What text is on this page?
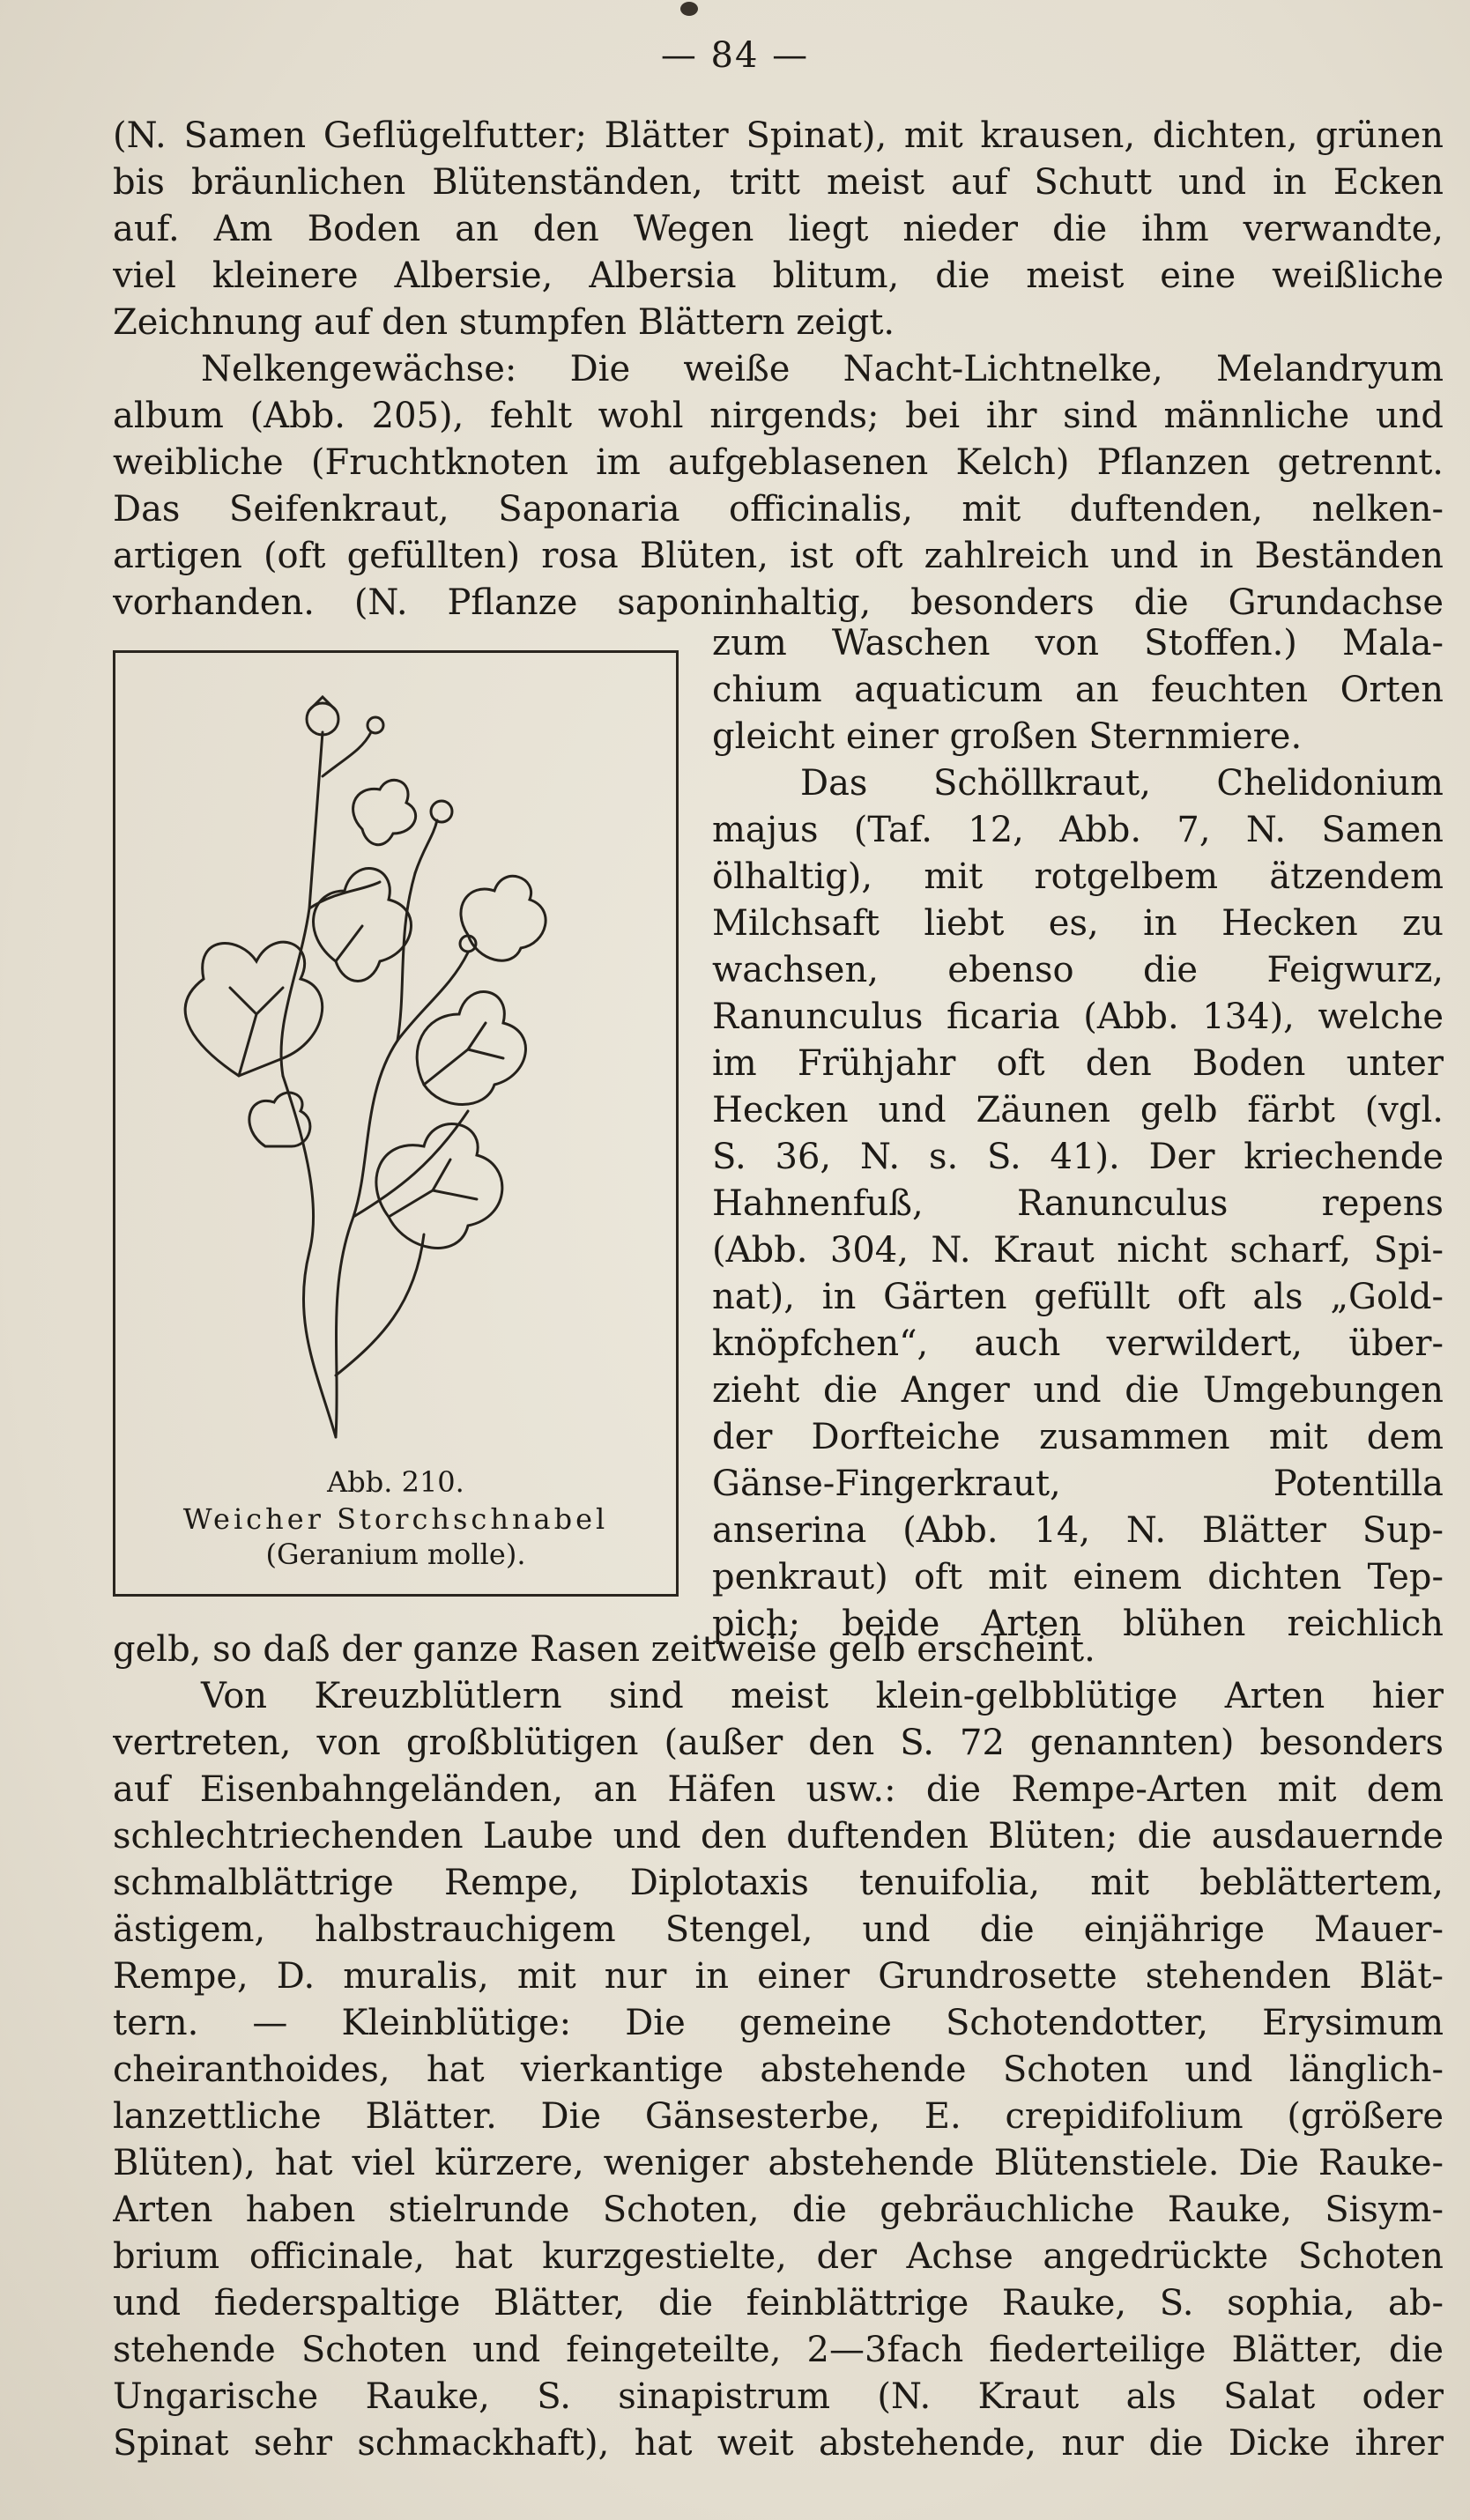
— 84 —
(N. Samen Geflügelfutter; Blätter Spinat), mit krausen, dichten, grünen
bis bräunlichen Blütenständen, tritt meist auf Schutt und in Ecken
auf. Am Boden an den Wegen liegt nieder die ihm verwandte,
viel kleinere Albersie, Albersia blitum, die meist eine weißliche
Zeichnung auf den stumpfen Blättern zeigt.
Nelkengewächse: Die weiße Nacht-Lichtnelke, Melandryum
album (Abb. 205), fehlt wohl nirgends; bei ihr sind männliche und
weibliche (Fruchtknoten im aufgeblasenen Kelch) Pflanzen getrennt.
Das Seifenkraut, Saponaria officinalis, mit duftenden, nelken-
artigen (oft gefüllten) rosa Blüten, ist oft zahlreich und in Beständen
vorhanden. (N. Pflanze saponinhaltig, besonders die Grundachse
Abb. 210.
Weicher Storchschnabel
(Geranium molle).
zum Waschen von Stoffen.) Mala-
chium aquaticum an feuchten Orten
gleicht einer großen Sternmiere.
Das Schöllkraut, Chelidonium
majus (Taf. 12, Abb. 7, N. Samen
ölhaltig), mit rotgelbem ätzendem
Milchsaft liebt es, in Hecken zu
wachsen, ebenso die Feigwurz,
Ranunculus ficaria (Abb. 134), welche
im Frühjahr oft den Boden unter
Hecken und Zäunen gelb färbt (vgl.
S. 36, N. s. S. 41). Der kriechende
Hahnenfuß, Ranunculus repens
(Abb. 304, N. Kraut nicht scharf, Spi-
nat), in Gärten gefüllt oft als „Gold-
knöpfchen“, auch verwildert, über-
zieht die Anger und die Umgebungen
der Dorfteiche zusammen mit dem
Gänse-Fingerkraut, Potentilla
anserina (Abb. 14, N. Blätter Sup-
penkraut) oft mit einem dichten Tep-
pich; beide Arten blühen reichlich
gelb, so daß der ganze Rasen zeitweise gelb erscheint.
Von Kreuzblütlern sind meist klein-gelbblütige Arten hier
vertreten, von großblütigen (außer den S. 72 genannten) besonders
auf Eisenbahngeländen, an Häfen usw.: die Rempe-Arten mit dem
schlechtriechenden Laube und den duftenden Blüten; die ausdauernde
schmalblättrige Rempe, Diplotaxis tenuifolia, mit beblättertem,
ästigem, halbstrauchigem Stengel, und die einjährige Mauer-
Rempe, D. muralis, mit nur in einer Grundrosette stehenden Blät-
tern. — Kleinblütige: Die gemeine Schotendotter, Erysimum
cheiranthoides, hat vierkantige abstehende Schoten und länglich-
lanzettliche Blätter. Die Gänsesterbe, E. crepidifolium (größere
Blüten), hat viel kürzere, weniger abstehende Blütenstiele. Die Rauke-
Arten haben stielrunde Schoten, die gebräuchliche Rauke, Sisym-
brium officinale, hat kurzgestielte, der Achse angedrückte Schoten
und fiederspaltige Blätter, die feinblättrige Rauke, S. sophia, ab-
stehende Schoten und feingeteilte, 2—3fach fiederteilige Blätter, die
Ungarische Rauke, S. sinapistrum (N. Kraut als Salat oder
Spinat sehr schmackhaft), hat weit abstehende, nur die Dicke ihrer
